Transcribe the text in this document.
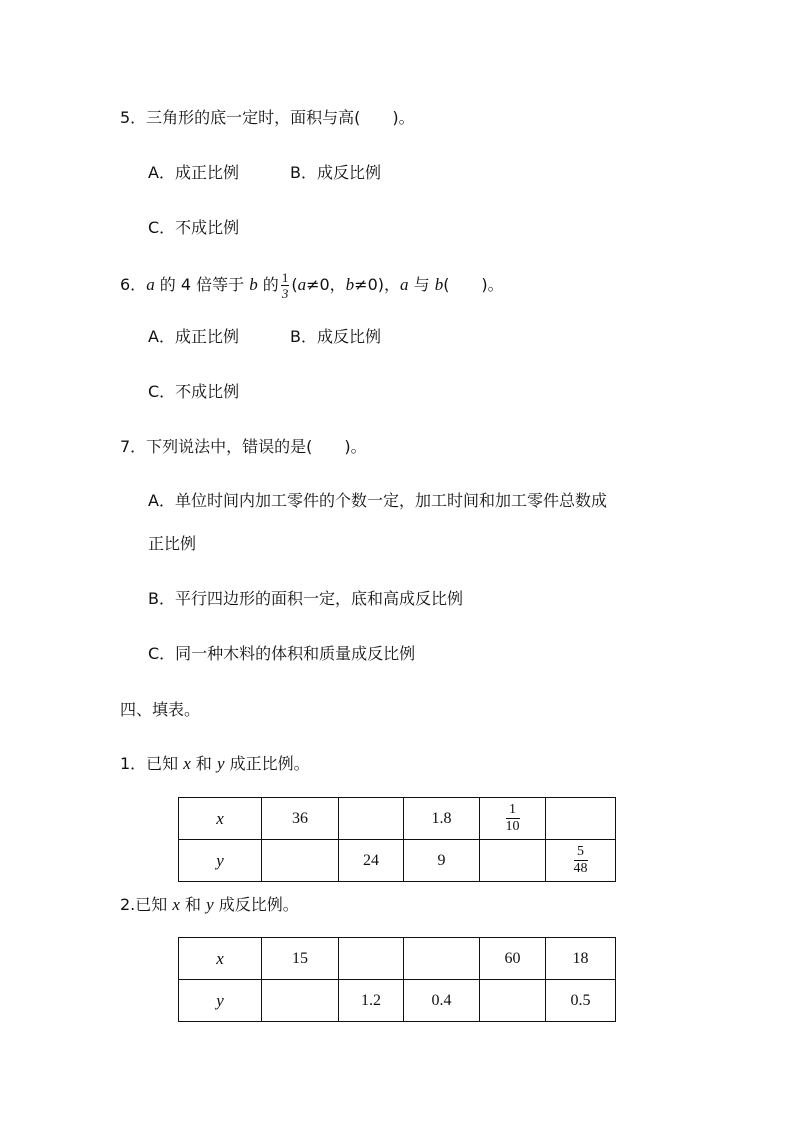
5．三角形的底一定时，面积与高(　　)。
A．成正比例	B．成反比例
C．不成比例
6．a 的 4 倍等于 b 的 $\frac{1}{3} (a\ne 0$，b≠0)，a 与 b(　　)。
A．成正比例	B．成反比例
C．不成比例
7．下列说法中，错误的是(　　)。
A．单位时间内加工零件的个数一定，加工时间和加工零件总数成
正比例
B．平行四边形的面积一定，底和高成反比例
C．同一种木料的体积和质量成反比例
四、填表。
1．已知 x 和 y 成正比例。
x	36		1.8	$\frac{1}{10}$

y		24	9		$\frac{5}{48}$
2.已知 x 和 y 成反比例。
x	15			60	18
y		1.2	0.4		0.5
